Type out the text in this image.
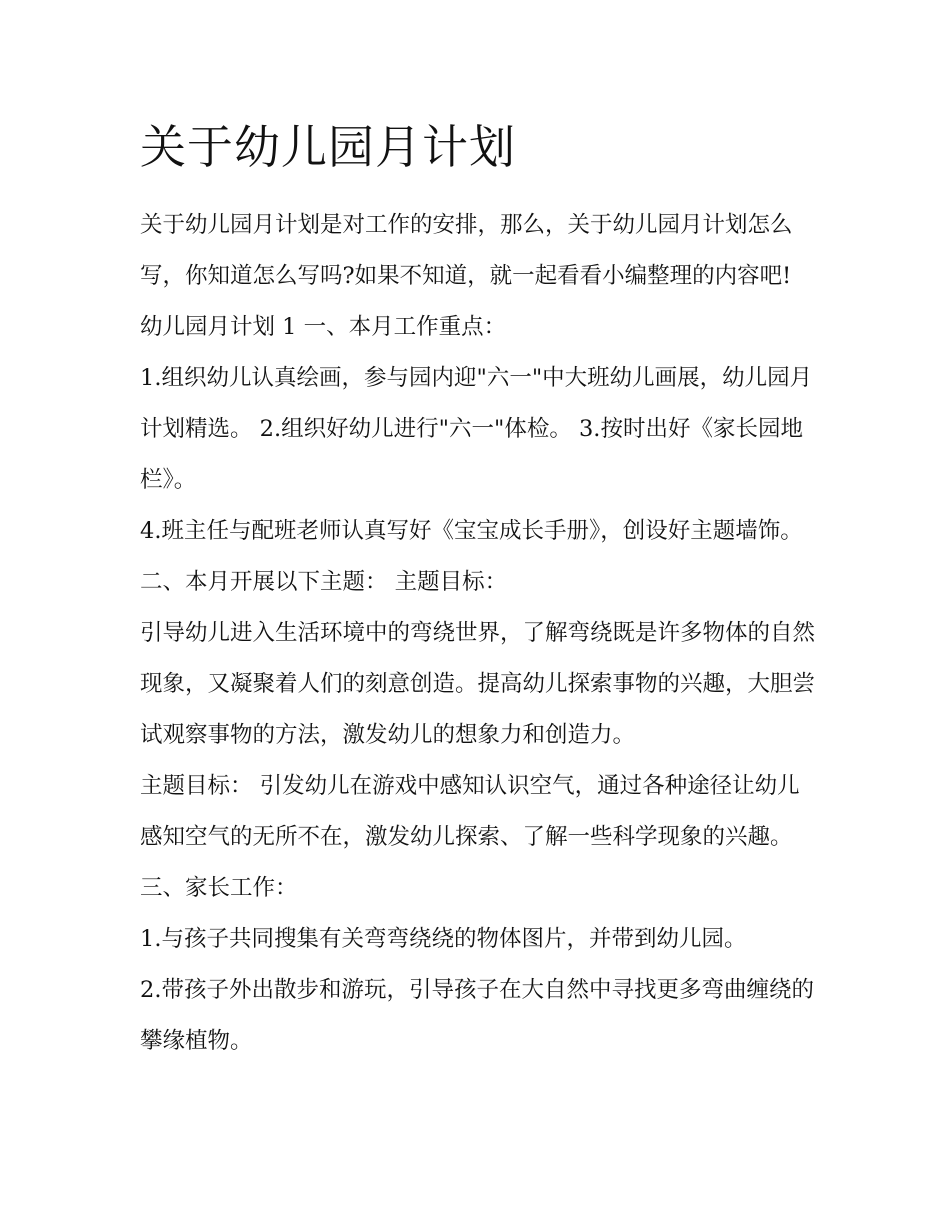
关于幼儿园月计划

关于幼儿园月计划是对工作的安排，那么，关于幼儿园月计划怎么写，你知道怎么写吗?如果不知道，就一起看看小编整理的内容吧! 幼儿园月计划 1 一、本月工作重点：

1.组织幼儿认真绘画，参与园内迎"六一"中大班幼儿画展，幼儿园月计划精选。 2.组织好幼儿进行"六一"体检。 3.按时出好《家长园地栏》。

4.班主任与配班老师认真写好《宝宝成长手册》，创设好主题墙饰。 二、本月开展以下主题： 主题目标：

引导幼儿进入生活环境中的弯绕世界，了解弯绕既是许多物体的自然现象，又凝聚着人们的刻意创造。提高幼儿探索事物的兴趣，大胆尝试观察事物的方法，激发幼儿的想象力和创造力。

主题目标： 引发幼儿在游戏中感知认识空气，通过各种途径让幼儿感知空气的无所不在，激发幼儿探索、了解一些科学现象的兴趣。 三、家长工作：

1.与孩子共同搜集有关弯弯绕绕的物体图片，并带到幼儿园。

2.带孩子外出散步和游玩，引导孩子在大自然中寻找更多弯曲缠绕的攀缘植物。
